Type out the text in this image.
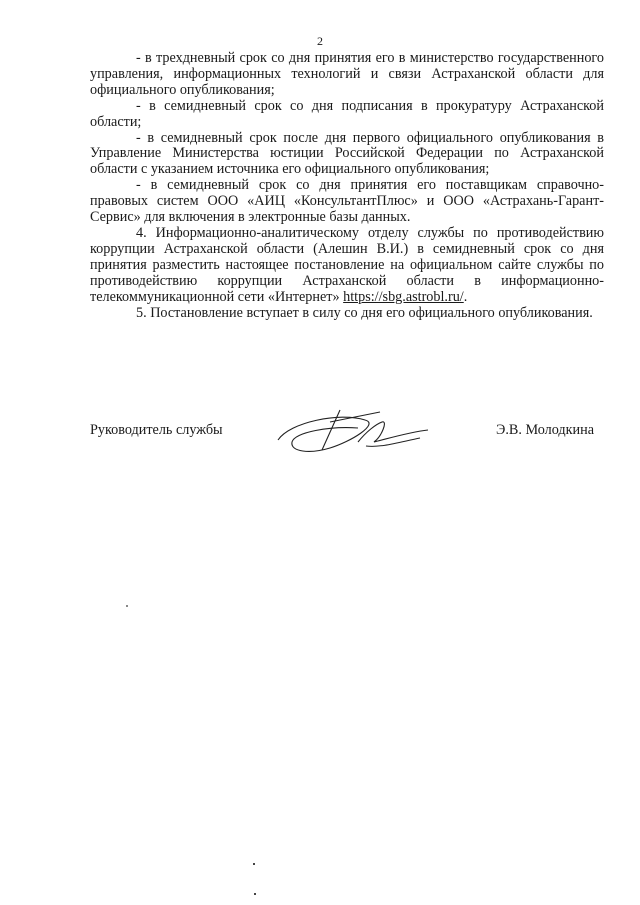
2

- в трехдневный срок со дня принятия его в министерство государственного управления, информационных технологий и связи Астраханской области для официального опубликования;

- в семидневный срок со дня подписания в прокуратуру Астраханской области;

- в семидневный срок после дня первого официального опубликования в Управление Министерства юстиции Российской Федерации по Астраханской области с указанием источника его официального опубликования;

- в семидневный срок со дня принятия его поставщикам справочно-правовых систем ООО «АИЦ «КонсультантПлюс» и ООО «Астрахань-Гарант-Сервис» для включения в электронные базы данных.

4. Информационно-аналитическому отделу службы по противодействию коррупции Астраханской области (Алешин В.И.) в семидневный срок со дня принятия разместить настоящее постановление на официальном сайте службы по противодействию коррупции Астраханской области в информационно-телекоммуникационной сети «Интернет» https://sbg.astrobl.ru/.

5. Постановление вступает в силу со дня его официального опубликования.

Руководитель службы	Э.В. Молодкина
